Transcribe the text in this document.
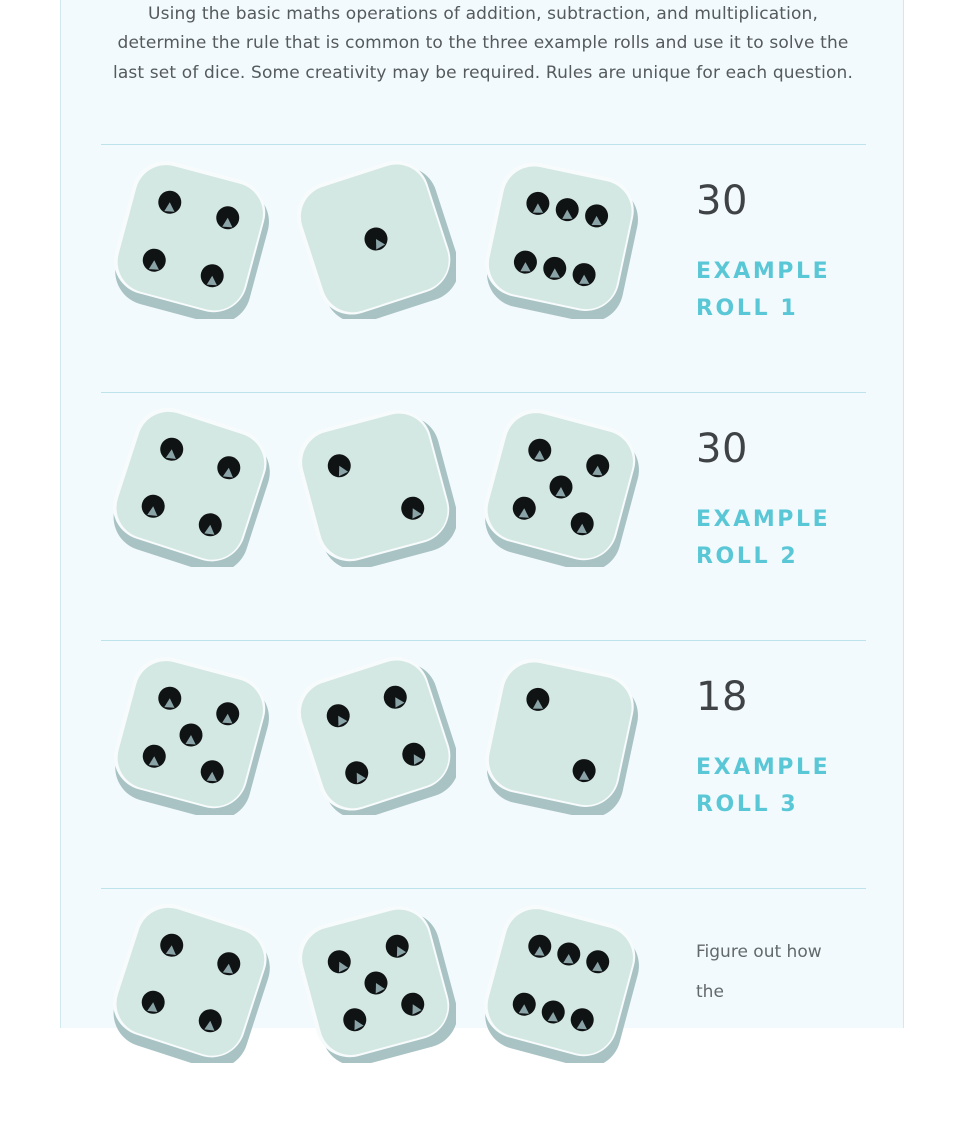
Using the basic maths operations of addition, subtraction, and multiplication, determine the rule that is common to the three example rolls and use it to solve the last set of dice. Some creativity may be required. Rules are unique for each question.
30
EXAMPLE ROLL 1
30
EXAMPLE ROLL 2
18
EXAMPLE ROLL 3
Figure out how the
